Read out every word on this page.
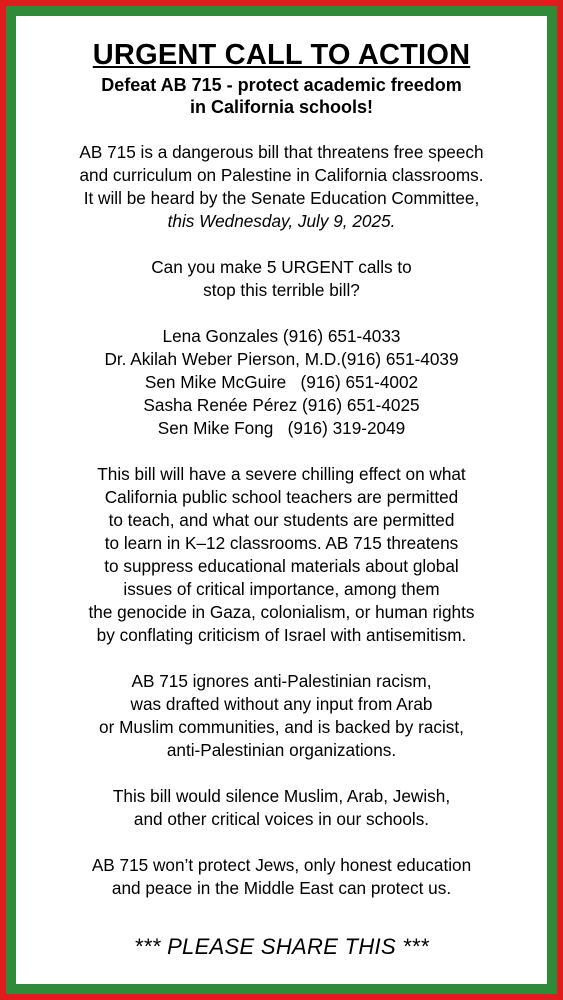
URGENT CALL TO ACTION
Defeat AB 715 - protect academic freedom
in California schools!

AB 715 is a dangerous bill that threatens free speech
and curriculum on Palestine in California classrooms.
It will be heard by the Senate Education Committee,
this Wednesday, July 9, 2025.

Can you make 5 URGENT calls to
stop this terrible bill?

Lena Gonzales (916) 651-4033
Dr. Akilah Weber Pierson, M.D.(916) 651-4039
Sen Mike McGuire   (916) 651-4002
Sasha Renée Pérez (916) 651-4025
Sen Mike Fong   (916) 319-2049

This bill will have a severe chilling effect on what
California public school teachers are permitted
to teach, and what our students are permitted
to learn in K–12 classrooms. AB 715 threatens
to suppress educational materials about global
issues of critical importance, among them
the genocide in Gaza, colonialism, or human rights
by conflating criticism of Israel with antisemitism.

AB 715 ignores anti-Palestinian racism,
was drafted without any input from Arab
or Muslim communities, and is backed by racist,
anti-Palestinian organizations.

This bill would silence Muslim, Arab, Jewish,
and other critical voices in our schools.

AB 715 won’t protect Jews, only honest education
and peace in the Middle East can protect us.

*** PLEASE SHARE THIS ***
